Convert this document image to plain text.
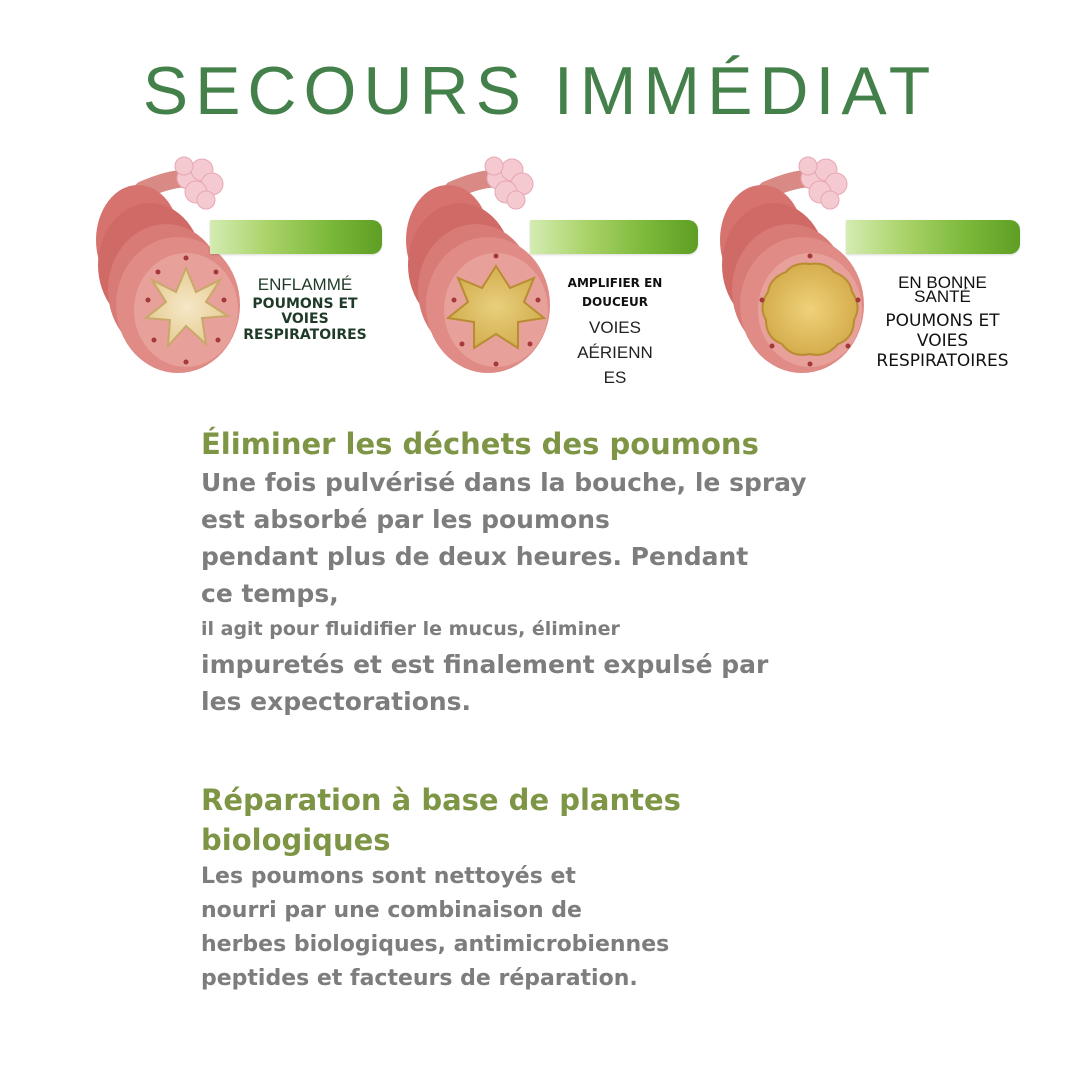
SECOURS IMMÉDIAT
ENFLAMMÉ
POUMONS ET
VOIES
RESPIRATOIRES
AMPLIFIER EN
DOUCEUR
VOIES
AÉRIENN
ES
EN BONNE
SANTÉ
POUMONS ET
VOIES
RESPIRATOIRES

Éliminer les déchets des poumons

Une fois pulvérisé dans la bouche, le spray

est absorbé par les poumons

pendant plus de deux heures. Pendant

ce temps,

il agit pour fluidifier le mucus, éliminer

impuretés et est finalement expulsé par

les expectorations.

Réparation à base de plantes

biologiques

Les poumons sont nettoyés et

nourri par une combinaison de

herbes biologiques, antimicrobiennes

peptides et facteurs de réparation.
